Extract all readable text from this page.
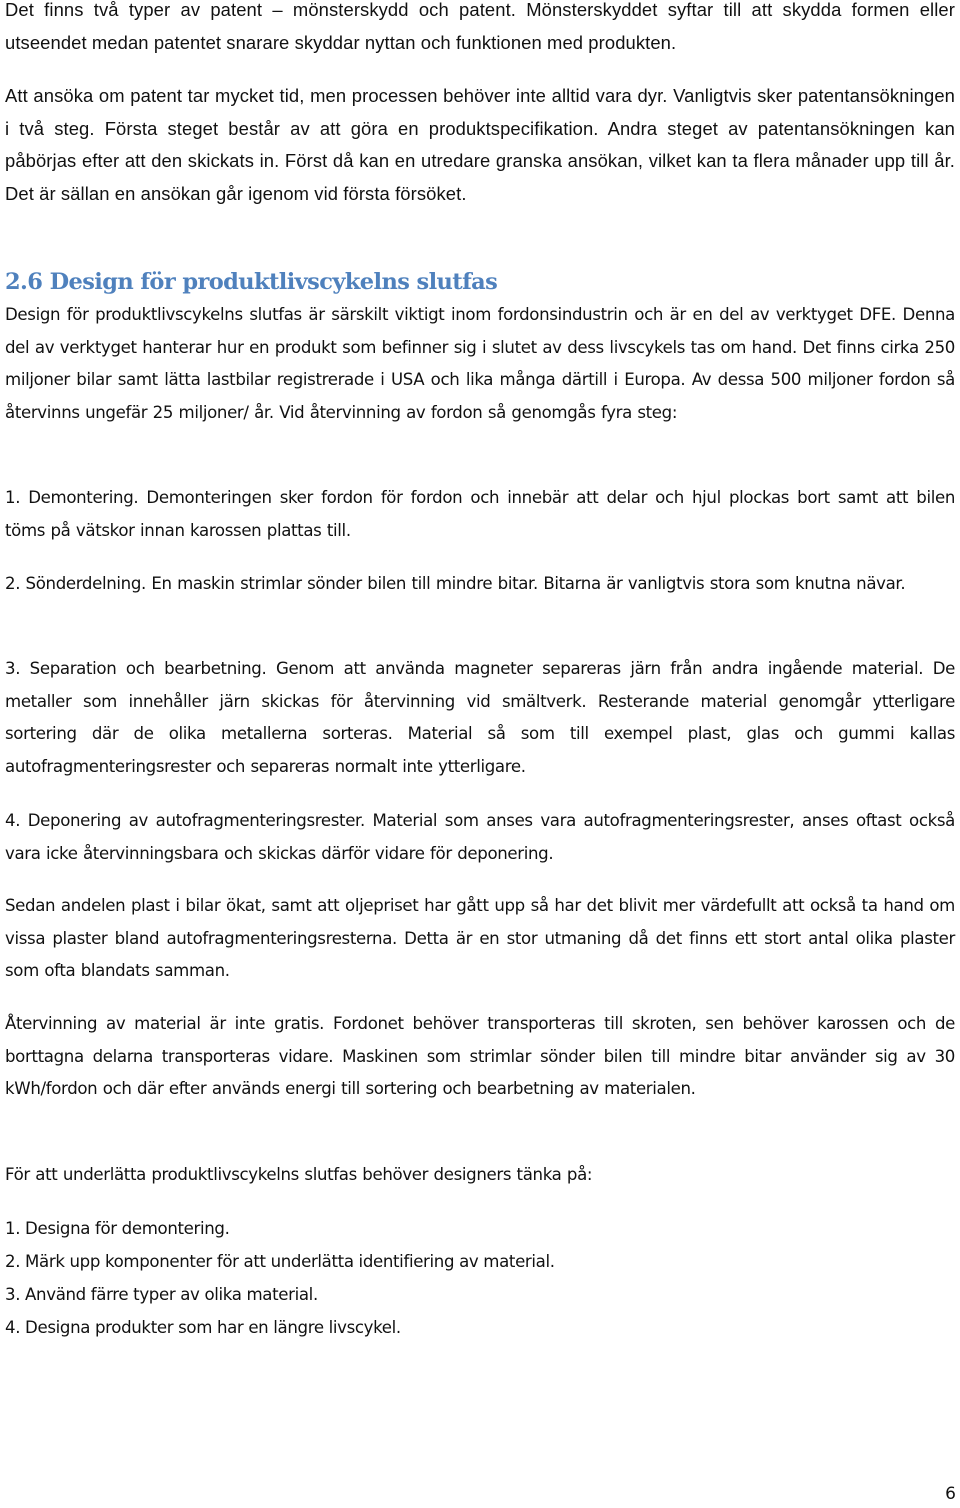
Det finns två typer av patent – mönsterskydd och patent. Mönsterskyddet syftar till att skydda formen eller utseendet medan patentet snarare skyddar nyttan och funktionen med produkten.

Att ansöka om patent tar mycket tid, men processen behöver inte alltid vara dyr. Vanligtvis sker patentansökningen i två steg. Första steget består av att göra en produktspecifikation. Andra steget av patentansökningen kan påbörjas efter att den skickats in. Först då kan en utredare granska ansökan, vilket kan ta flera månader upp till år. Det är sällan en ansökan går igenom vid första försöket.

2.6 Design för produktlivscykelns slutfas

Design för produktlivscykelns slutfas är särskilt viktigt inom fordonsindustrin och är en del av verktyget DFE. Denna del av verktyget hanterar hur en produkt som befinner sig i slutet av dess livscykels tas om hand. Det finns cirka 250 miljoner bilar samt lätta lastbilar registrerade i USA och lika många därtill i Europa. Av dessa 500 miljoner fordon så återvinns ungefär 25 miljoner/ år. Vid återvinning av fordon så genomgås fyra steg:

1. Demontering. Demonteringen sker fordon för fordon och innebär att delar och hjul plockas bort samt att bilen töms på vätskor innan karossen plattas till.

2. Sönderdelning. En maskin strimlar sönder bilen till mindre bitar. Bitarna är vanligtvis stora som knutna nävar.

3. Separation och bearbetning. Genom att använda magneter separeras järn från andra ingående material. De metaller som innehåller järn skickas för återvinning vid smältverk. Resterande material genomgår ytterligare sortering där de olika metallerna sorteras. Material så som till exempel plast, glas och gummi kallas autofragmenteringsrester och separeras normalt inte ytterligare.

4. Deponering av autofragmenteringsrester. Material som anses vara autofragmenteringsrester, anses oftast också vara icke återvinningsbara och skickas därför vidare för deponering.

Sedan andelen plast i bilar ökat, samt att oljepriset har gått upp så har det blivit mer värdefullt att också ta hand om vissa plaster bland autofragmenteringsresterna. Detta är en stor utmaning då det finns ett stort antal olika plaster som ofta blandats samman.

Återvinning av material är inte gratis. Fordonet behöver transporteras till skroten, sen behöver karossen och de borttagna delarna transporteras vidare. Maskinen som strimlar sönder bilen till mindre bitar använder sig av 30 kWh/fordon och där efter används energi till sortering och bearbetning av materialen.

För att underlätta produktlivscykelns slutfas behöver designers tänka på:

1. Designa för demontering.
2. Märk upp komponenter för att underlätta identifiering av material.
3. Använd färre typer av olika material.
4. Designa produkter som har en längre livscykel.
6
